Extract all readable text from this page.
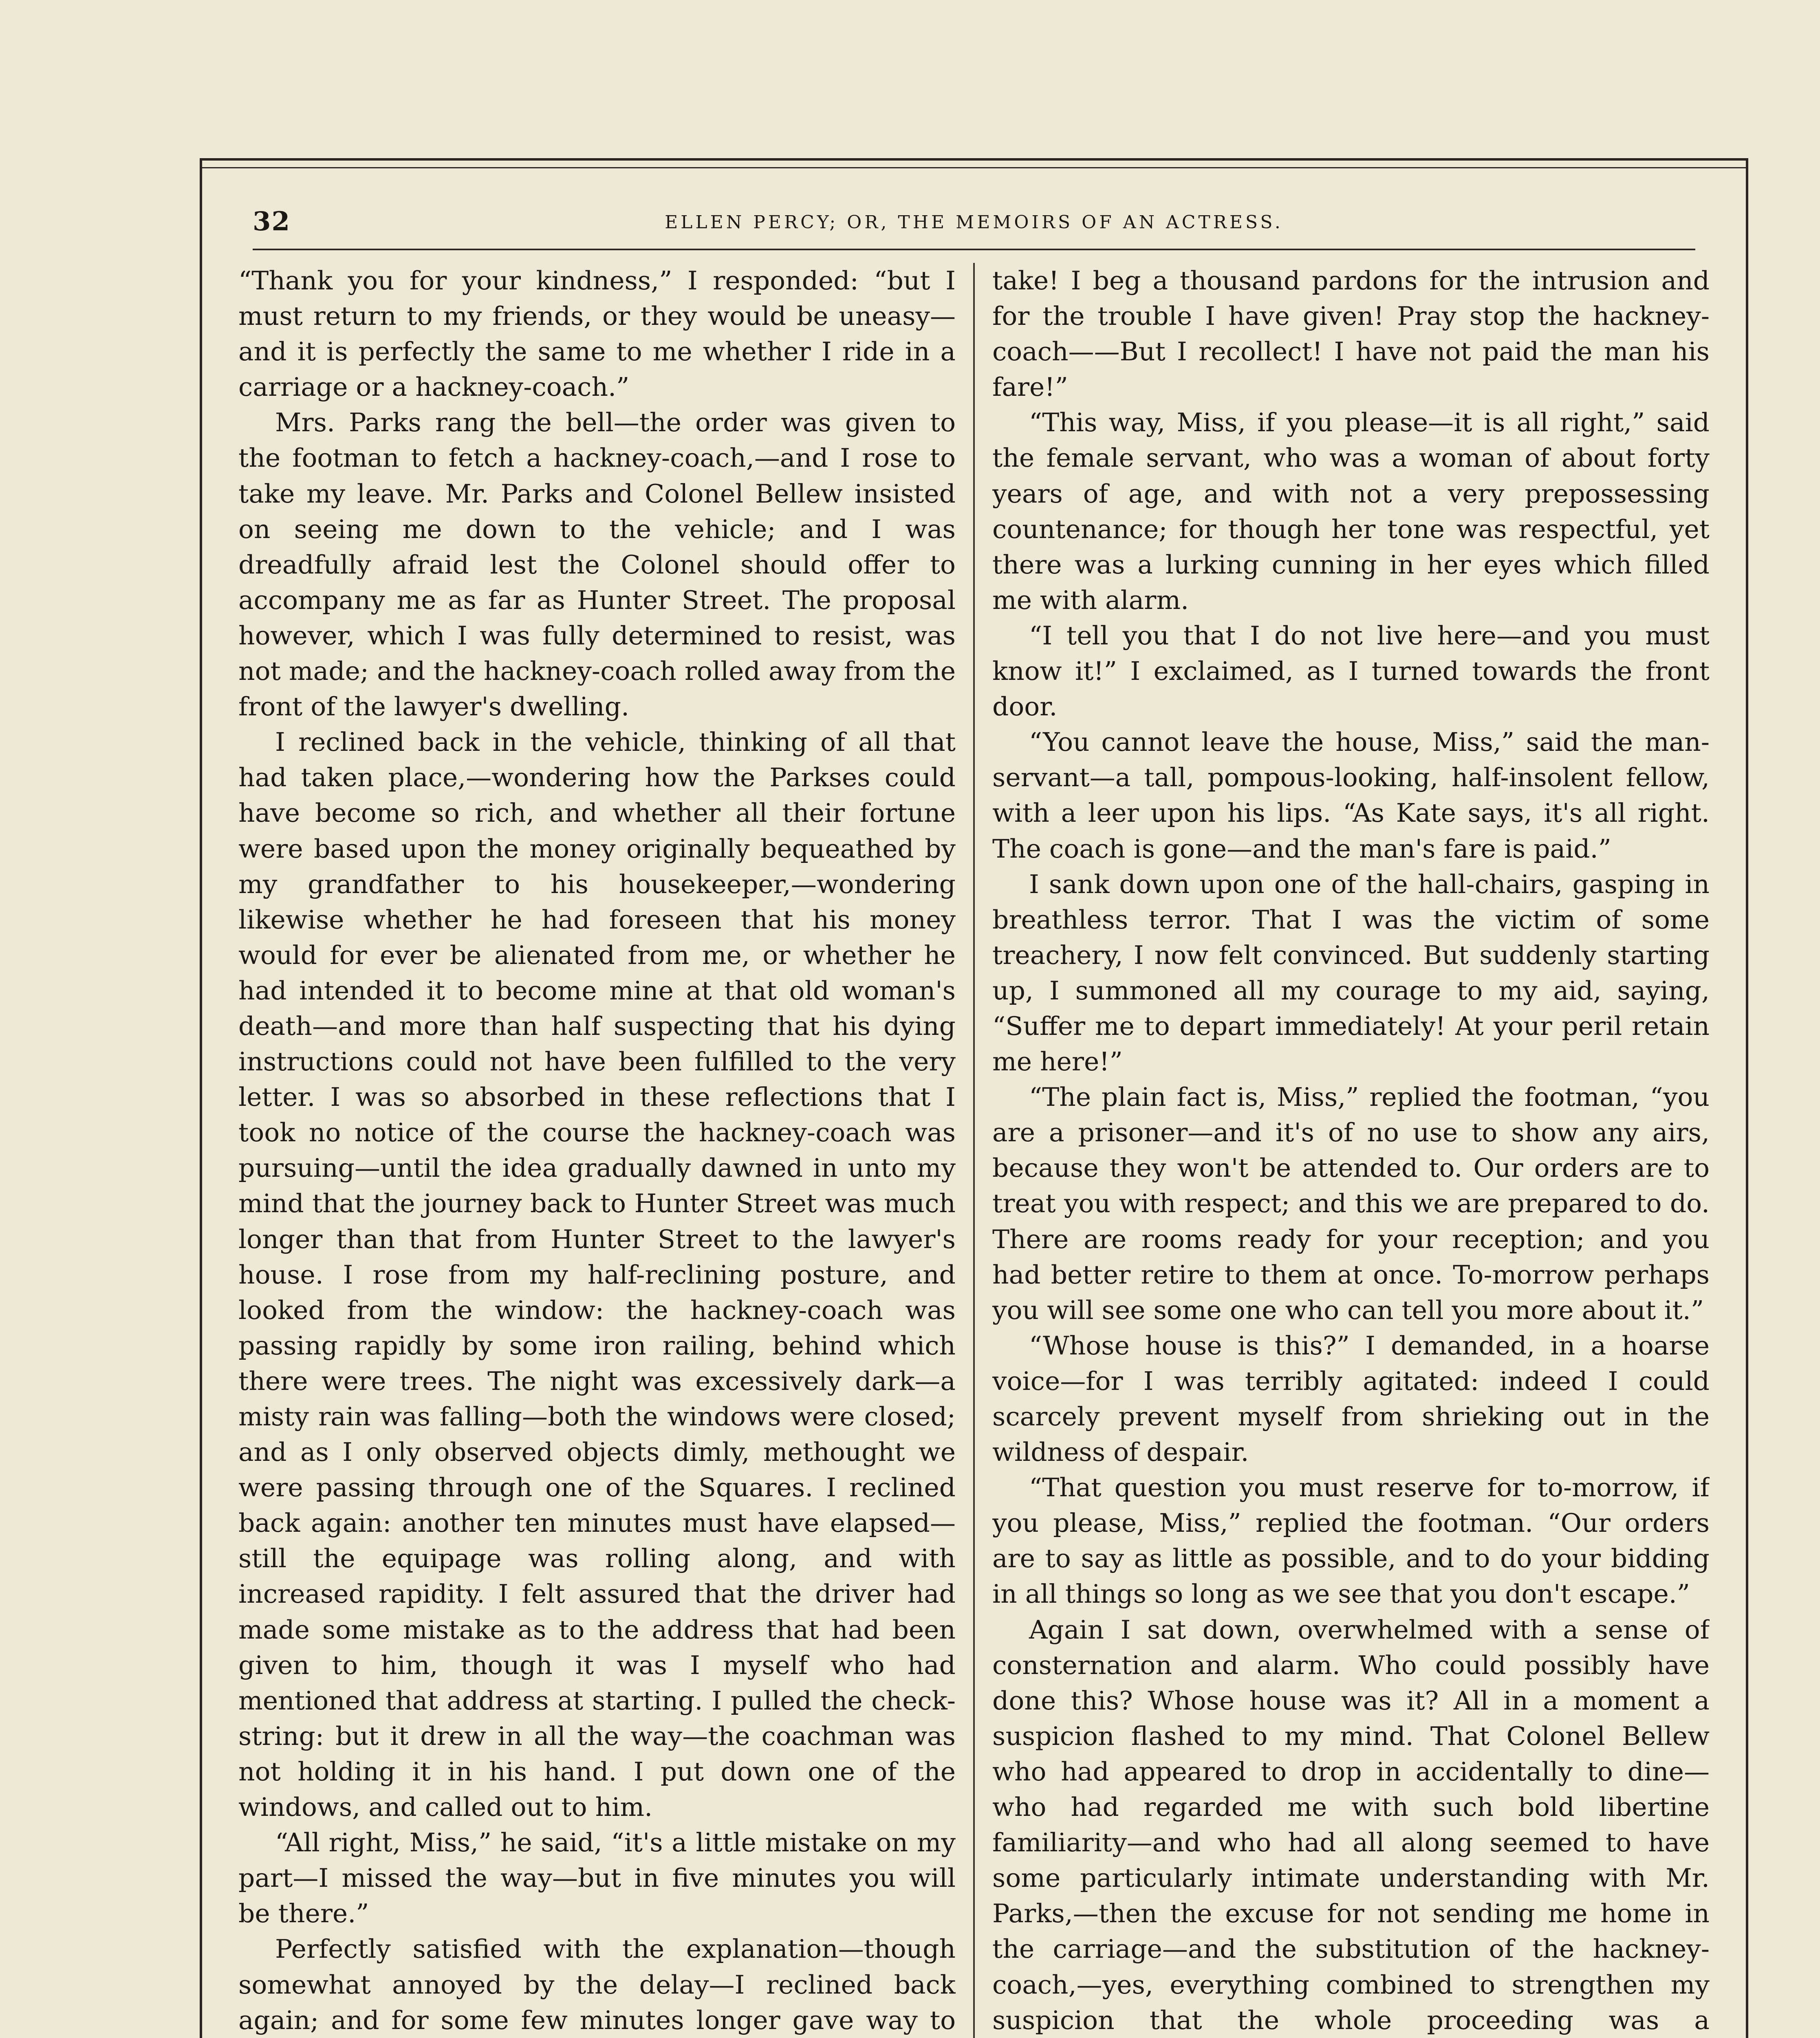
32	ELLEN PERCY; OR, THE MEMOIRS OF AN ACTRESS.

“Thank you for your kindness,” I responded: “but I must return to my friends, or they would be uneasy—and it is perfectly the same to me whether I ride in a carriage or a hackney-coach.”

Mrs. Parks rang the bell—the order was given to the footman to fetch a hackney-coach,—and I rose to take my leave. Mr. Parks and Colonel Bellew insisted on seeing me down to the vehicle; and I was dreadfully afraid lest the Colonel should offer to accompany me as far as Hunter Street. The proposal however, which I was fully determined to resist, was not made; and the hackney-coach rolled away from the front of the lawyer's dwelling.

I reclined back in the vehicle, thinking of all that had taken place,—wondering how the Parkses could have become so rich, and whether all their fortune were based upon the money originally bequeathed by my grandfather to his housekeeper,—wondering likewise whether he had foreseen that his money would for ever be alienated from me, or whether he had intended it to become mine at that old woman's death—and more than half suspecting that his dying instructions could not have been fulfilled to the very letter. I was so absorbed in these reflections that I took no notice of the course the hackney-coach was pursuing—until the idea gradually dawned in unto my mind that the journey back to Hunter Street was much longer than that from Hunter Street to the lawyer's house. I rose from my half-reclining posture, and looked from the window: the hackney-coach was passing rapidly by some iron railing, behind which there were trees. The night was excessively dark—a misty rain was falling—both the windows were closed; and as I only observed objects dimly, methought we were passing through one of the Squares. I reclined back again: another ten minutes must have elapsed—still the equipage was rolling along, and with increased rapidity. I felt assured that the driver had made some mistake as to the address that had been given to him, though it was I myself who had mentioned that address at starting. I pulled the check-string: but it drew in all the way—the coachman was not holding it in his hand. I put down one of the windows, and called out to him.

“All right, Miss,” he said, “it's a little mistake on my part—I missed the way—but in five minutes you will be there.”

Perfectly satisfied with the explanation—though somewhat annoyed by the delay—I reclined back again; and for some few minutes longer gave way to

take! I beg a thousand pardons for the intrusion and for the trouble I have given! Pray stop the hackney-coach——But I recollect! I have not paid the man his fare!”

“This way, Miss, if you please—it is all right,” said the female servant, who was a woman of about forty years of age, and with not a very prepossessing countenance; for though her tone was respectful, yet there was a lurking cunning in her eyes which filled me with alarm.

“I tell you that I do not live here—and you must know it!” I exclaimed, as I turned towards the front door.

“You cannot leave the house, Miss,” said the man-servant—a tall, pompous-looking, half-insolent fellow, with a leer upon his lips. “As Kate says, it's all right. The coach is gone—and the man's fare is paid.”

I sank down upon one of the hall-chairs, gasping in breathless terror. That I was the victim of some treachery, I now felt convinced. But suddenly starting up, I summoned all my courage to my aid, saying, “Suffer me to depart immediately! At your peril retain me here!”

“The plain fact is, Miss,” replied the footman, “you are a prisoner—and it's of no use to show any airs, because they won't be attended to. Our orders are to treat you with respect; and this we are prepared to do. There are rooms ready for your reception; and you had better retire to them at once. To-morrow perhaps you will see some one who can tell you more about it.”

“Whose house is this?” I demanded, in a hoarse voice—for I was terribly agitated: indeed I could scarcely prevent myself from shrieking out in the wildness of despair.

“That question you must reserve for to-morrow, if you please, Miss,” replied the footman. “Our orders are to say as little as possible, and to do your bidding in all things so long as we see that you don't escape.”

Again I sat down, overwhelmed with a sense of consternation and alarm. Who could possibly have done this? Whose house was it? All in a moment a suspicion flashed to my mind. That Colonel Bellew who had appeared to drop in accidentally to dine—who had regarded me with such bold libertine familiarity—and who had all along seemed to have some particularly intimate understanding with Mr. Parks,—then the excuse for not sending me home in the carriage—and the substitution of the hackney-coach,—yes, everything combined to strengthen my suspicion that the whole proceeding was a
